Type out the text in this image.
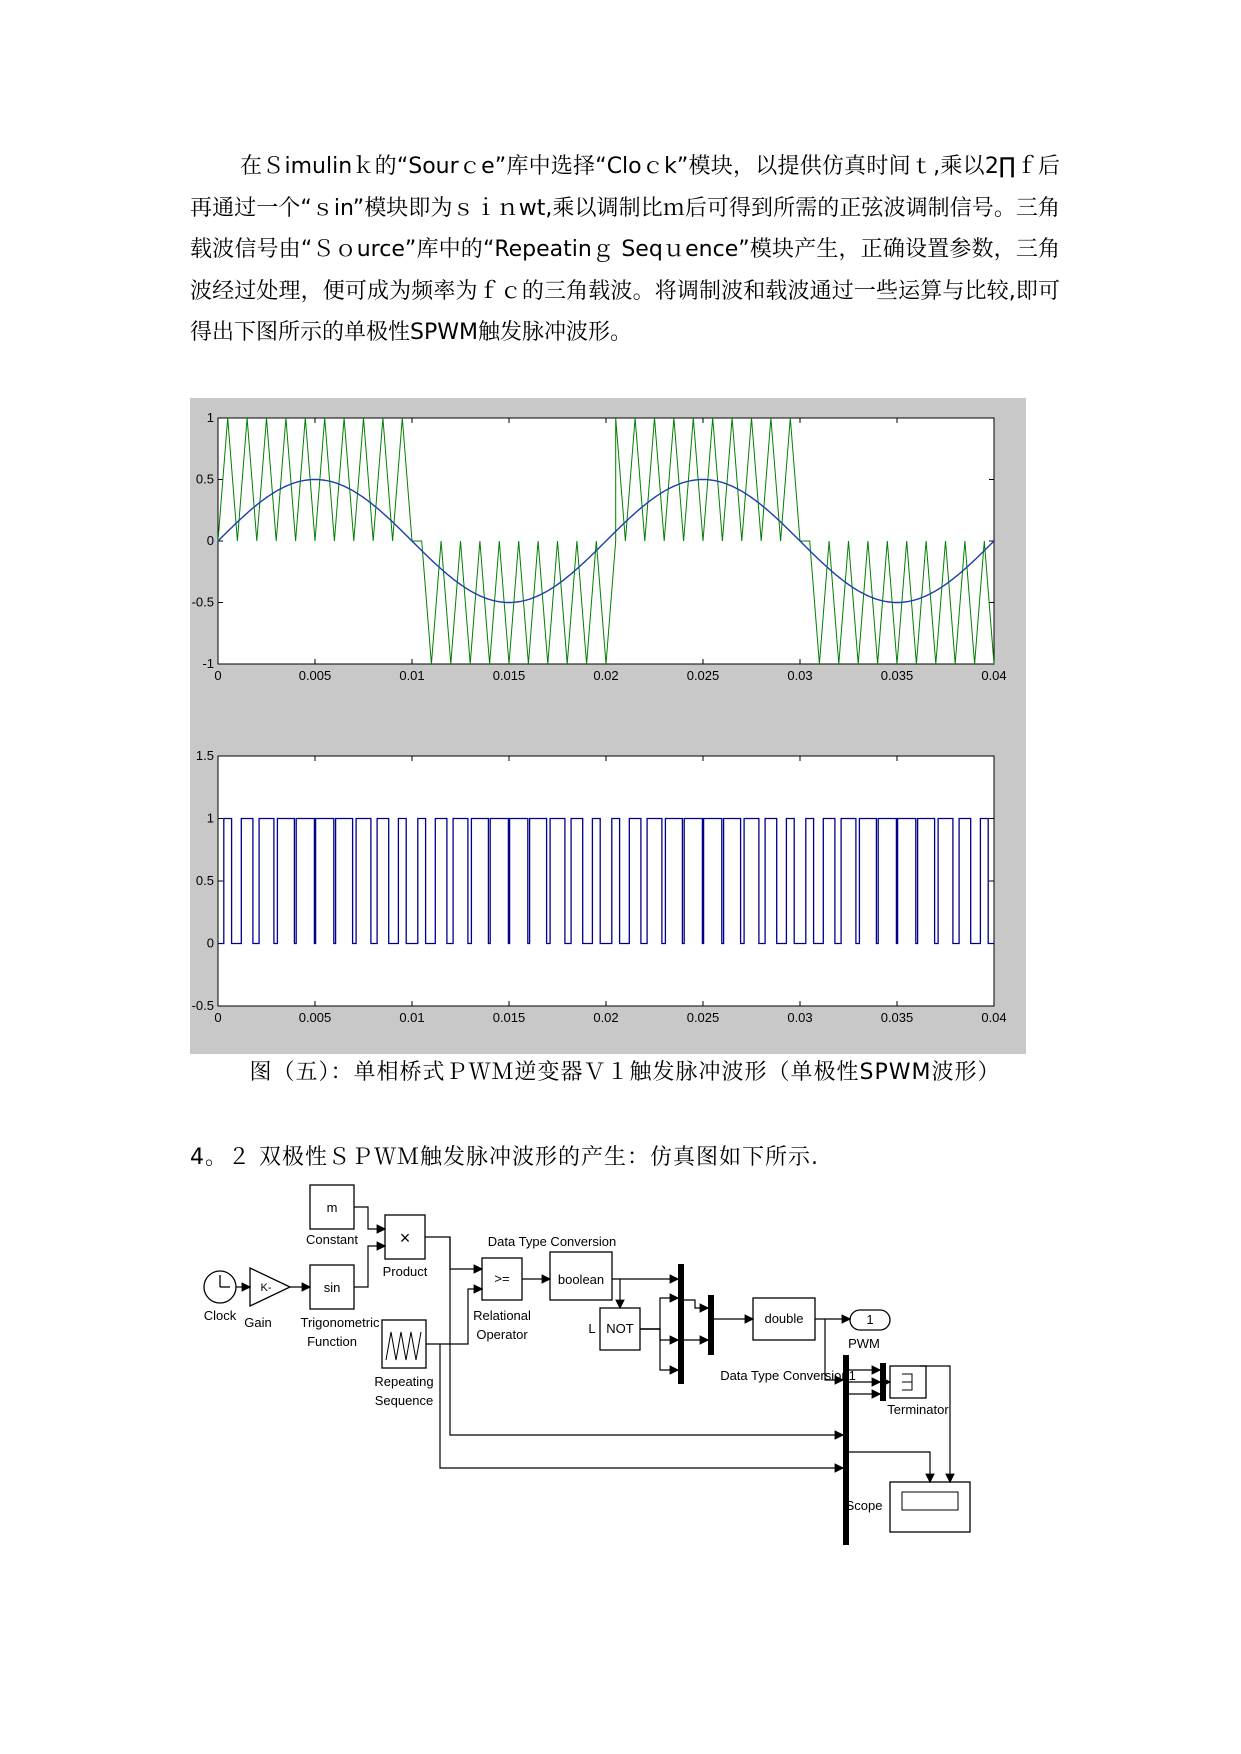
在Ｓimulinｋ的“Sourｃe”库中选择“Cloｃk”模块，以提供仿真时间ｔ,乘以2∏ｆ后再通过一个“ｓin”模块即为ｓｉｎwt,乘以调制比ｍ后可得到所需的正弦波调制信号。三角载波信号由“Ｓｏurce”库中的“Repeatinｇ Seqｕence”模块产生，正确设置参数，三角波经过处理，便可成为频率为ｆｃ的三角载波。将调制波和载波通过一些运算与比较,即可得出下图所示的单极性SPWM触发脉冲波形。

0	0.005	0.01	0.015	0.02	0.025	0.03	0.035	0.04
1
0.5
0
-0.5
-1
0	0.005	0.01	0.015	0.02	0.025	0.03	0.035	0.04
1.5
1
0.5
0
-0.5
图（五）：单相桥式ＰＷＭ逆变器Ｖ１触发脉冲波形（单极性SPWM波形）
4。２ 双极性ＳＰＷＭ触发脉冲波形的产生：仿真图如下所示.
m
Constant ×
Product
Clock
K-
Gain
sin
Trigonometric
Function
Repeating
Sequence
>=
Relational
Operator
Data Type Conversion
boolean
NOT
L
double
Data Type Conversion1
1
PWM
Terminator
Scope
